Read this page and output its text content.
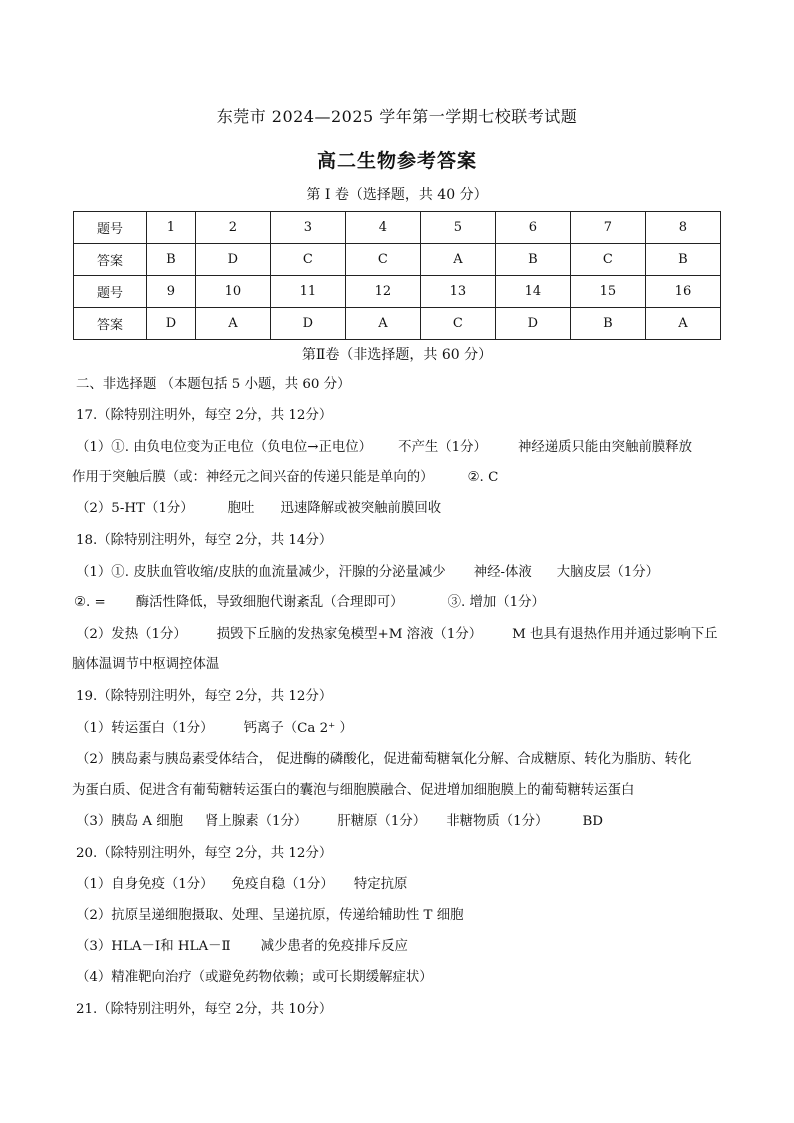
东莞市 2024—2025 学年第一学期七校联考试题
高二生物参考答案
第 I 卷（选择题，共 40 分）
题号	1	2	3	4	5	6	7	8
答案	B	D	C	C	A	B	C	B
题号	9	10	11	12	13	14	15	16
答案	D	A	D	A	C	D	B	A
第Ⅱ卷（非选择题，共 60 分）
二、非选择题 （本题包括 5 小题，共 60 分）
17.（除特别注明外，每空 2分，共 12分）
（1）①. 由负电位变为正电位（负电位→正电位） 不产生（1分） 神经递质只能由突触前膜释放
作用于突触后膜（或：神经元之间兴奋的传递只能是单向的）	②. C
（2）5-HT（1分）	胞吐 迅速降解或被突触前膜回收
18.（除特别注明外，每空 2分，共 14分）
（1）①. 皮肤血管收缩/皮肤的血流量减少，汗腺的分泌量减少 神经-体液 大脑皮层（1分）
②. = 酶活性降低，导致细胞代谢紊乱（合理即可）	③. 增加（1分）
（2）发热（1分） 损毁下丘脑的发热家兔模型+M 溶液（1分） M 也具有退热作用并通过影响下丘
脑体温调节中枢调控体温
19.（除特别注明外，每空 2分，共 12分）
（1）转运蛋白（1分） 钙离子（Ca 2⁺ ）
（2）胰岛素与胰岛素受体结合， 促进酶的磷酸化，促进葡萄糖氧化分解、合成糖原、转化为脂肪、转化
为蛋白质、促进含有葡萄糖转运蛋白的囊泡与细胞膜融合、促进增加细胞膜上的葡萄糖转运蛋白
（3）胰岛 A 细胞 肾上腺素（1分） 肝糖原（1分） 非糖物质（1分）	BD
20.（除特别注明外，每空 2分，共 12分）
（1）自身免疫（1分） 免疫自稳（1分） 特定抗原
（2）抗原呈递细胞摄取、处理、呈递抗原，传递给辅助性 T 细胞
（3）HLA－Ⅰ和 HLA－Ⅱ 减少患者的免疫排斥反应
（4）精准靶向治疗（或避免药物依赖；或可长期缓解症状）
21.（除特别注明外，每空 2分，共 10分）
